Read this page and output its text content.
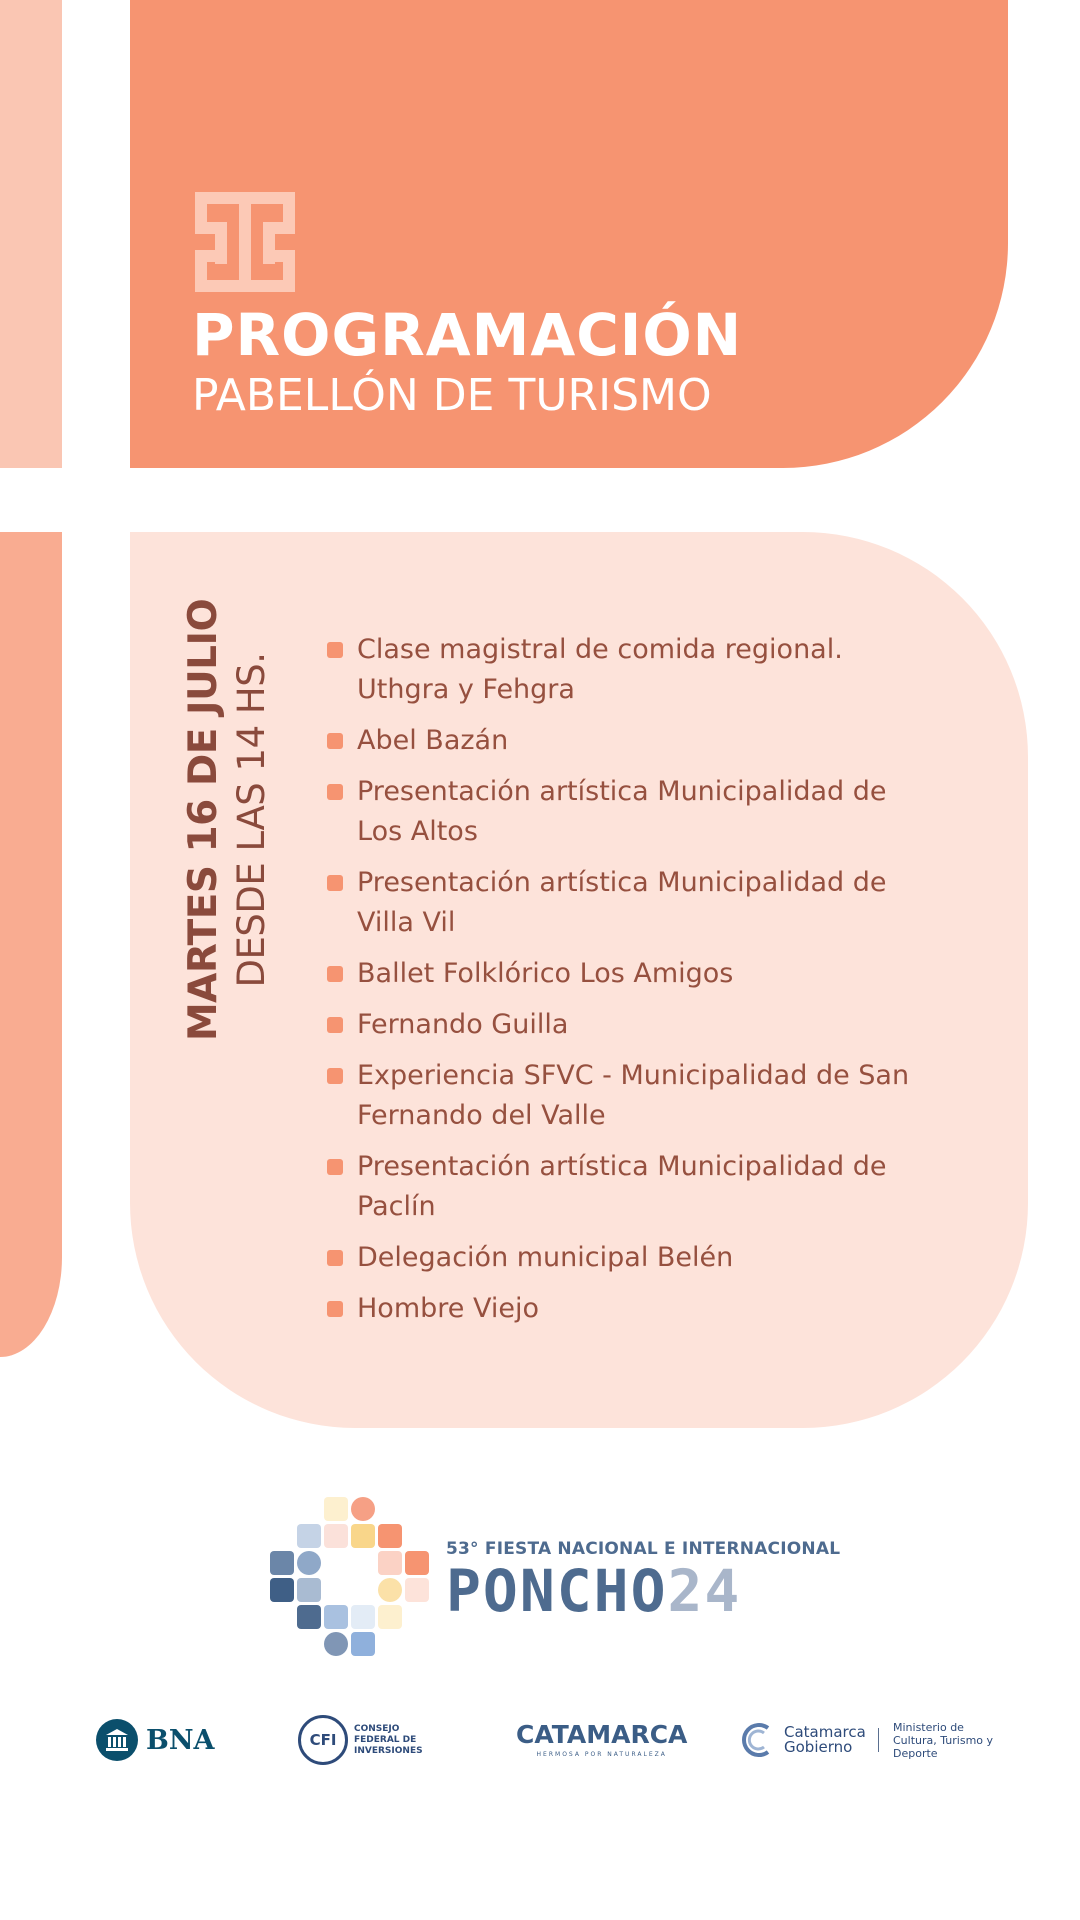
PROGRAMACIÓN
PABELLÓN DE TURISMO
MARTES 16 DE JULIO DESDE LAS 14 HS.
Clase magistral de comida regional. Uthgra y Fehgra
Abel Bazán
Presentación artística Municipalidad de Los Altos
Presentación artística Municipalidad de Villa Vil
Ballet Folklórico Los Amigos
Fernando Guilla
Experiencia SFVC - Municipalidad de San Fernando del Valle
Presentación artística Municipalidad de Paclín
Delegación municipal Belén
Hombre Viejo
53° FIESTA NACIONAL E INTERNACIONAL
PONCHO24
BNA	CFI
CONSEJO FEDERAL DE INVERSIONES
CATAMARCA
HERMOSA POR NATURALEZA
Catamarca Gobierno
Ministerio de Cultura, Turismo y Deporte
